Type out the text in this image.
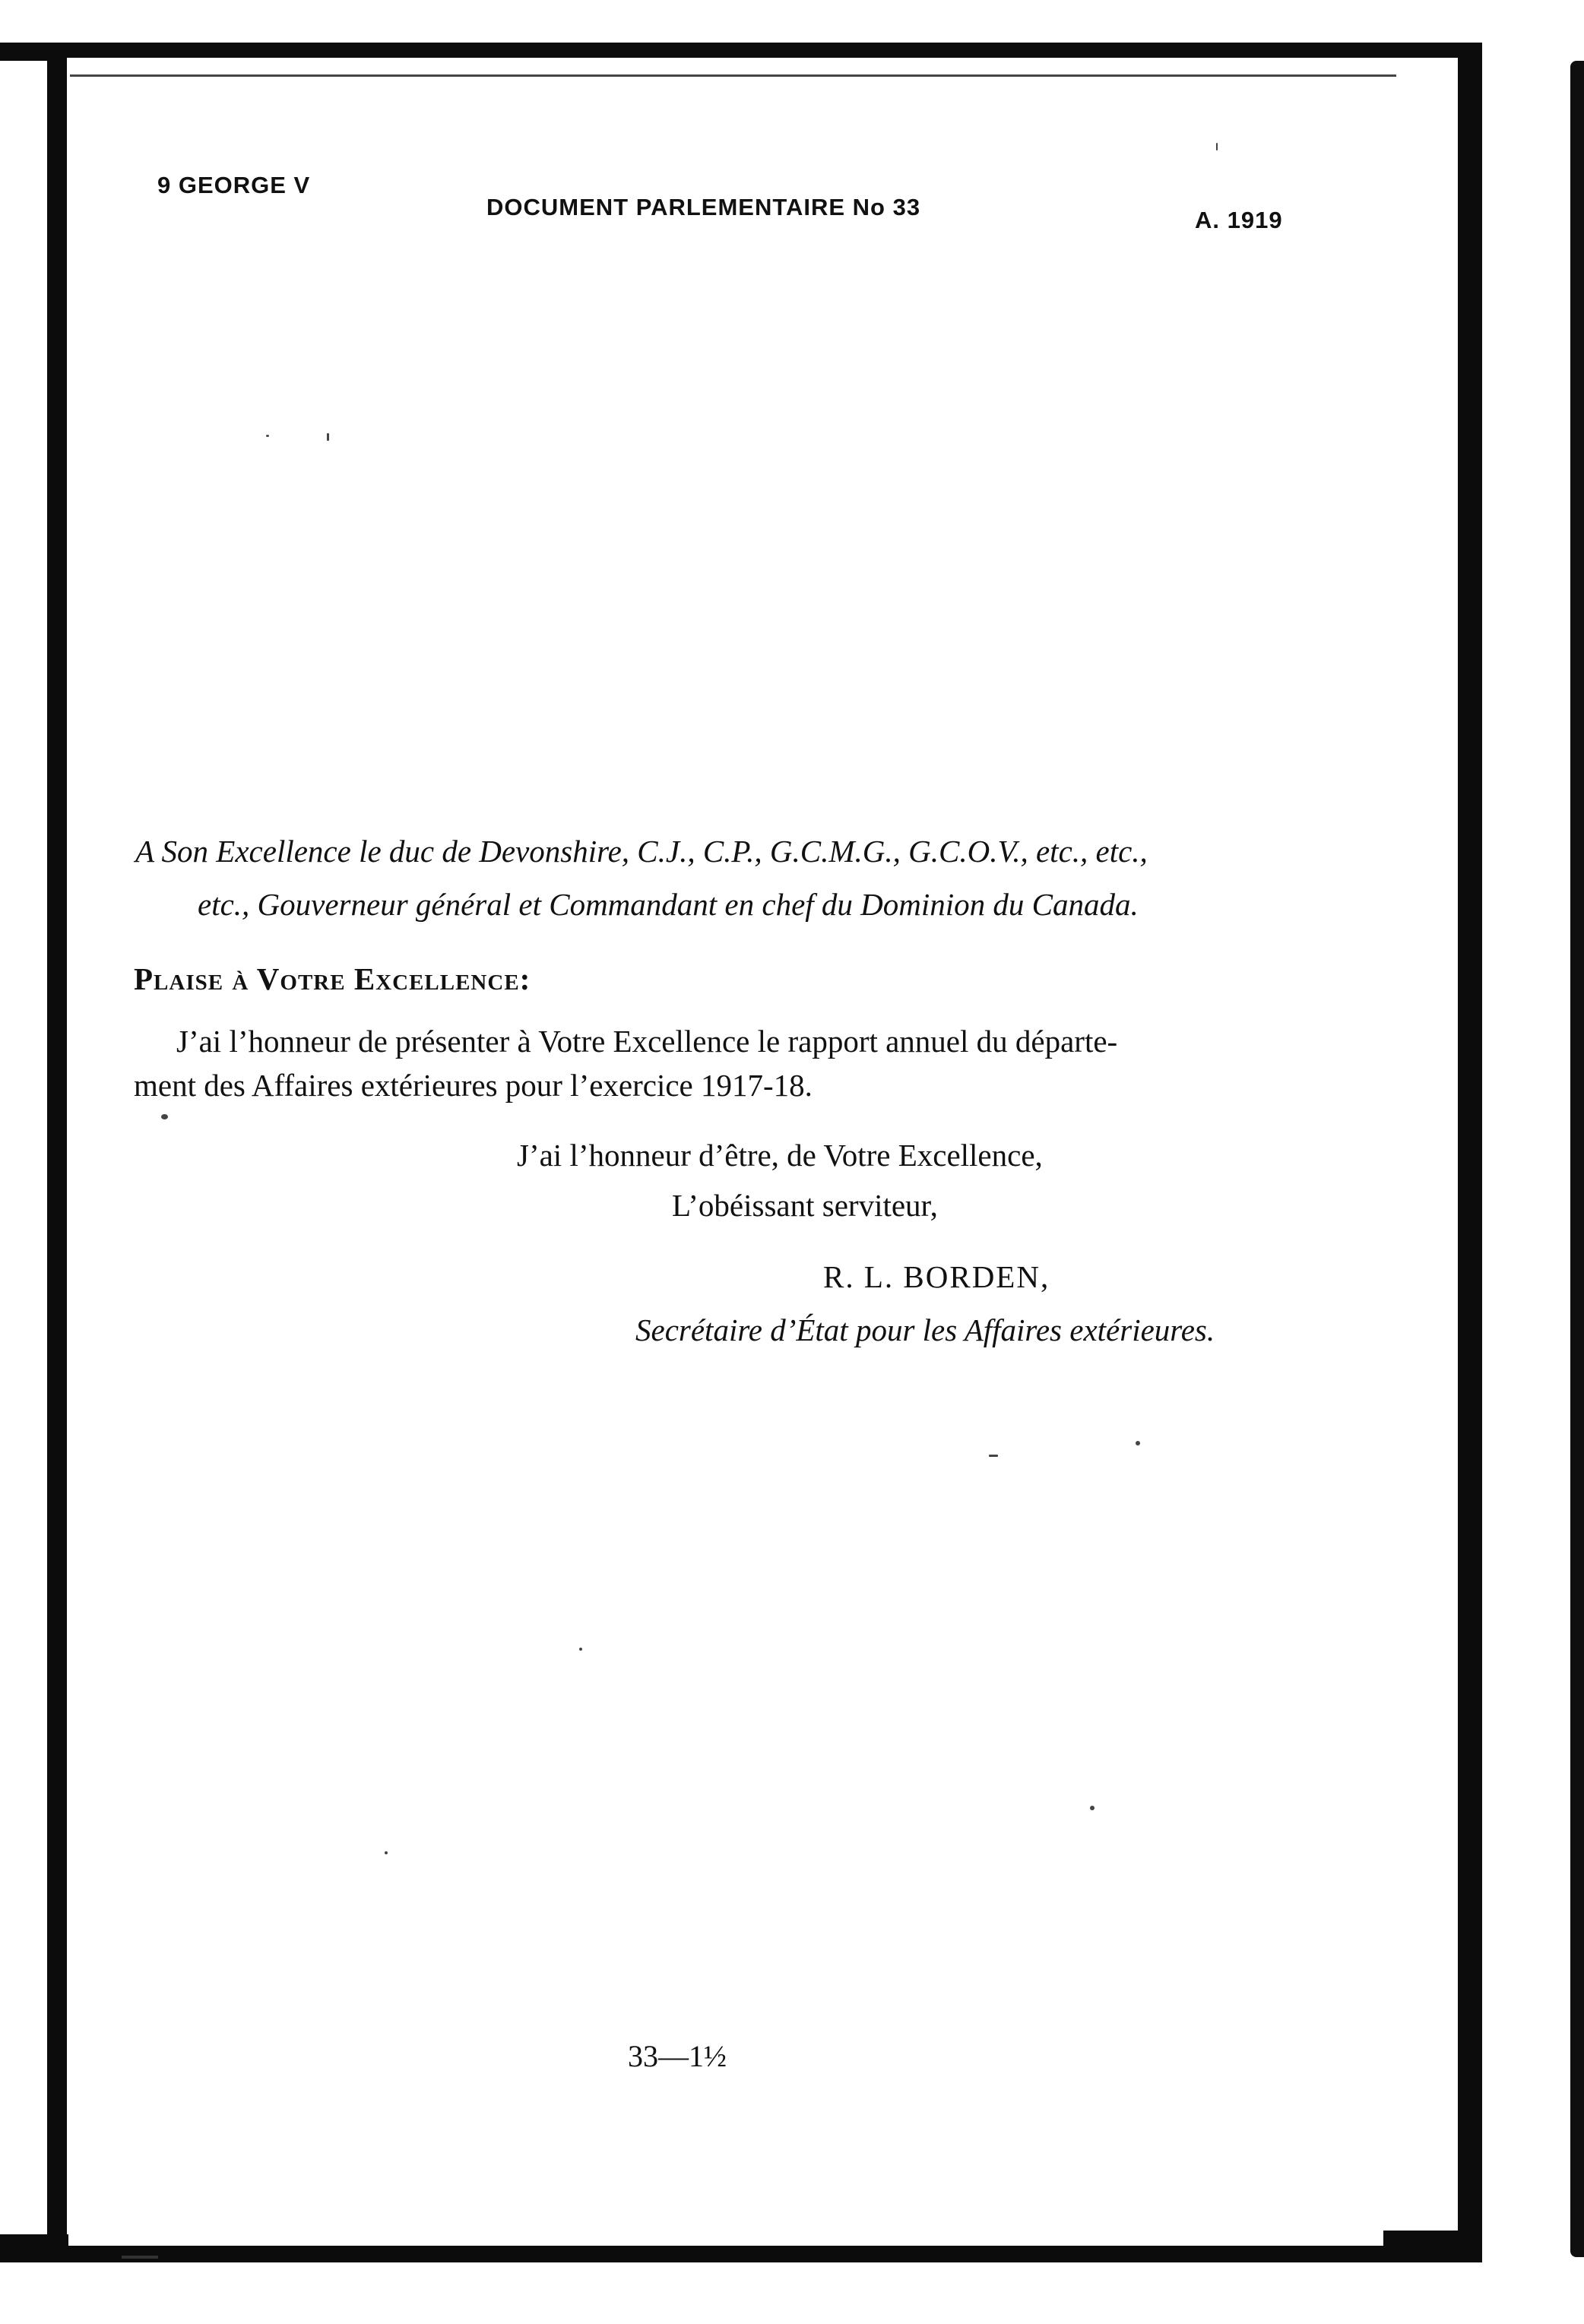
9 GEORGE V
DOCUMENT PARLEMENTAIRE No 33	A. 1919
A Son Excellence le duc de Devonshire, C.J., C.P., G.C.M.G., G.C.O.V., etc., etc.,
etc., Gouverneur général et Commandant en chef du Dominion du Canada.
Plaise à Votre Excellence:
J’ai l’honneur de présenter à Votre Excellence le rapport annuel du départe-
ment des Affaires extérieures pour l’exercice 1917-18.
J’ai l’honneur d’être, de Votre Excellence,
L’obéissant serviteur,
R. L. BORDEN,
Secrétaire d’État pour les Affaires extérieures.
33—1½
